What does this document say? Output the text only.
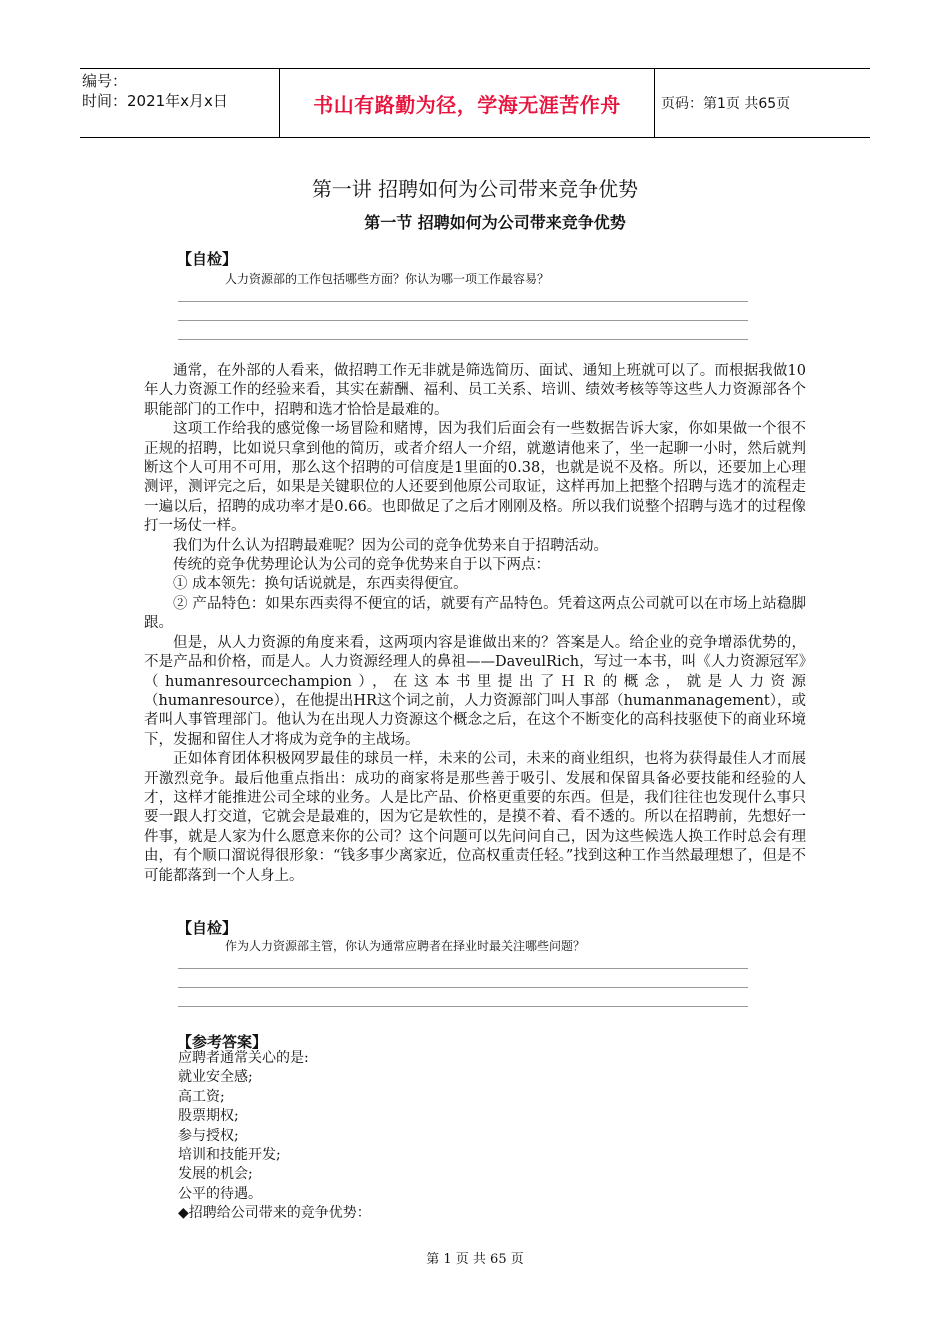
编号：
时间：2021年x月x日	书山有路勤为径，学海无涯苦作舟	页码：第1页 共65页
第一讲 招聘如何为公司带来竞争优势
第一节 招聘如何为公司带来竞争优势
【自检】
人力资源部的工作包括哪些方面？你认为哪一项工作最容易？

通常，在外部的人看来，做招聘工作无非就是筛选简历、面试、通知上班就可以了。而根据我做10年人力资源工作的经验来看，其实在薪酬、福利、员工关系、培训、绩效考核等等这些人力资源部各个职能部门的工作中，招聘和选才恰恰是最难的。

这项工作给我的感觉像一场冒险和赌博，因为我们后面会有一些数据告诉大家，你如果做一个很不正规的招聘，比如说只拿到他的简历，或者介绍人一介绍，就邀请他来了，坐一起聊一小时，然后就判断这个人可用不可用，那么这个招聘的可信度是1里面的0.38，也就是说不及格。所以，还要加上心理测评，测评完之后，如果是关键职位的人还要到他原公司取证，这样再加上把整个招聘与选才的流程走一遍以后，招聘的成功率才是0.66。也即做足了之后才刚刚及格。所以我们说整个招聘与选才的过程像打一场仗一样。

我们为什么认为招聘最难呢？因为公司的竞争优势来自于招聘活动。

传统的竞争优势理论认为公司的竞争优势来自于以下两点：

① 成本领先：换句话说就是，东西卖得便宜。

② 产品特色：如果东西卖得不便宜的话，就要有产品特色。凭着这两点公司就可以在市场上站稳脚跟。

但是，从人力资源的角度来看，这两项内容是谁做出来的？答案是人。给企业的竞争增添优势的，不是产品和价格，而是人。人力资源经理人的鼻祖——DaveulRich，写过一本书，叫《人力资源冠军》（humanresourcechampion），在这本书里提出了ＨＲ的概念，就是人力资源（humanresource），在他提出HR这个词之前，人力资源部门叫人事部（humanmanagement），或者叫人事管理部门。他认为在出现人力资源这个概念之后，在这个不断变化的高科技驱使下的商业环境下，发掘和留住人才将成为竞争的主战场。

正如体育团体积极网罗最佳的球员一样，未来的公司，未来的商业组织，也将为获得最佳人才而展开激烈竞争。最后他重点指出：成功的商家将是那些善于吸引、发展和保留具备必要技能和经验的人才，这样才能推进公司全球的业务。人是比产品、价格更重要的东西。但是，我们往往也发现什么事只要一跟人打交道，它就会是最难的，因为它是软性的，是摸不着、看不透的。所以在招聘前，先想好一件事，就是人家为什么愿意来你的公司？这个问题可以先问问自己，因为这些候选人换工作时总会有理由，有个顺口溜说得很形象：“钱多事少离家近，位高权重责任轻。”找到这种工作当然最理想了，但是不可能都落到一个人身上。

【自检】
作为人力资源部主管，你认为通常应聘者在择业时最关注哪些问题？
【参考答案】
应聘者通常关心的是:
就业安全感;
高工资;
股票期权;
参与授权;
培训和技能开发;
发展的机会;
公平的待遇。
◆招聘给公司带来的竞争优势：
第 1 页 共 65 页
